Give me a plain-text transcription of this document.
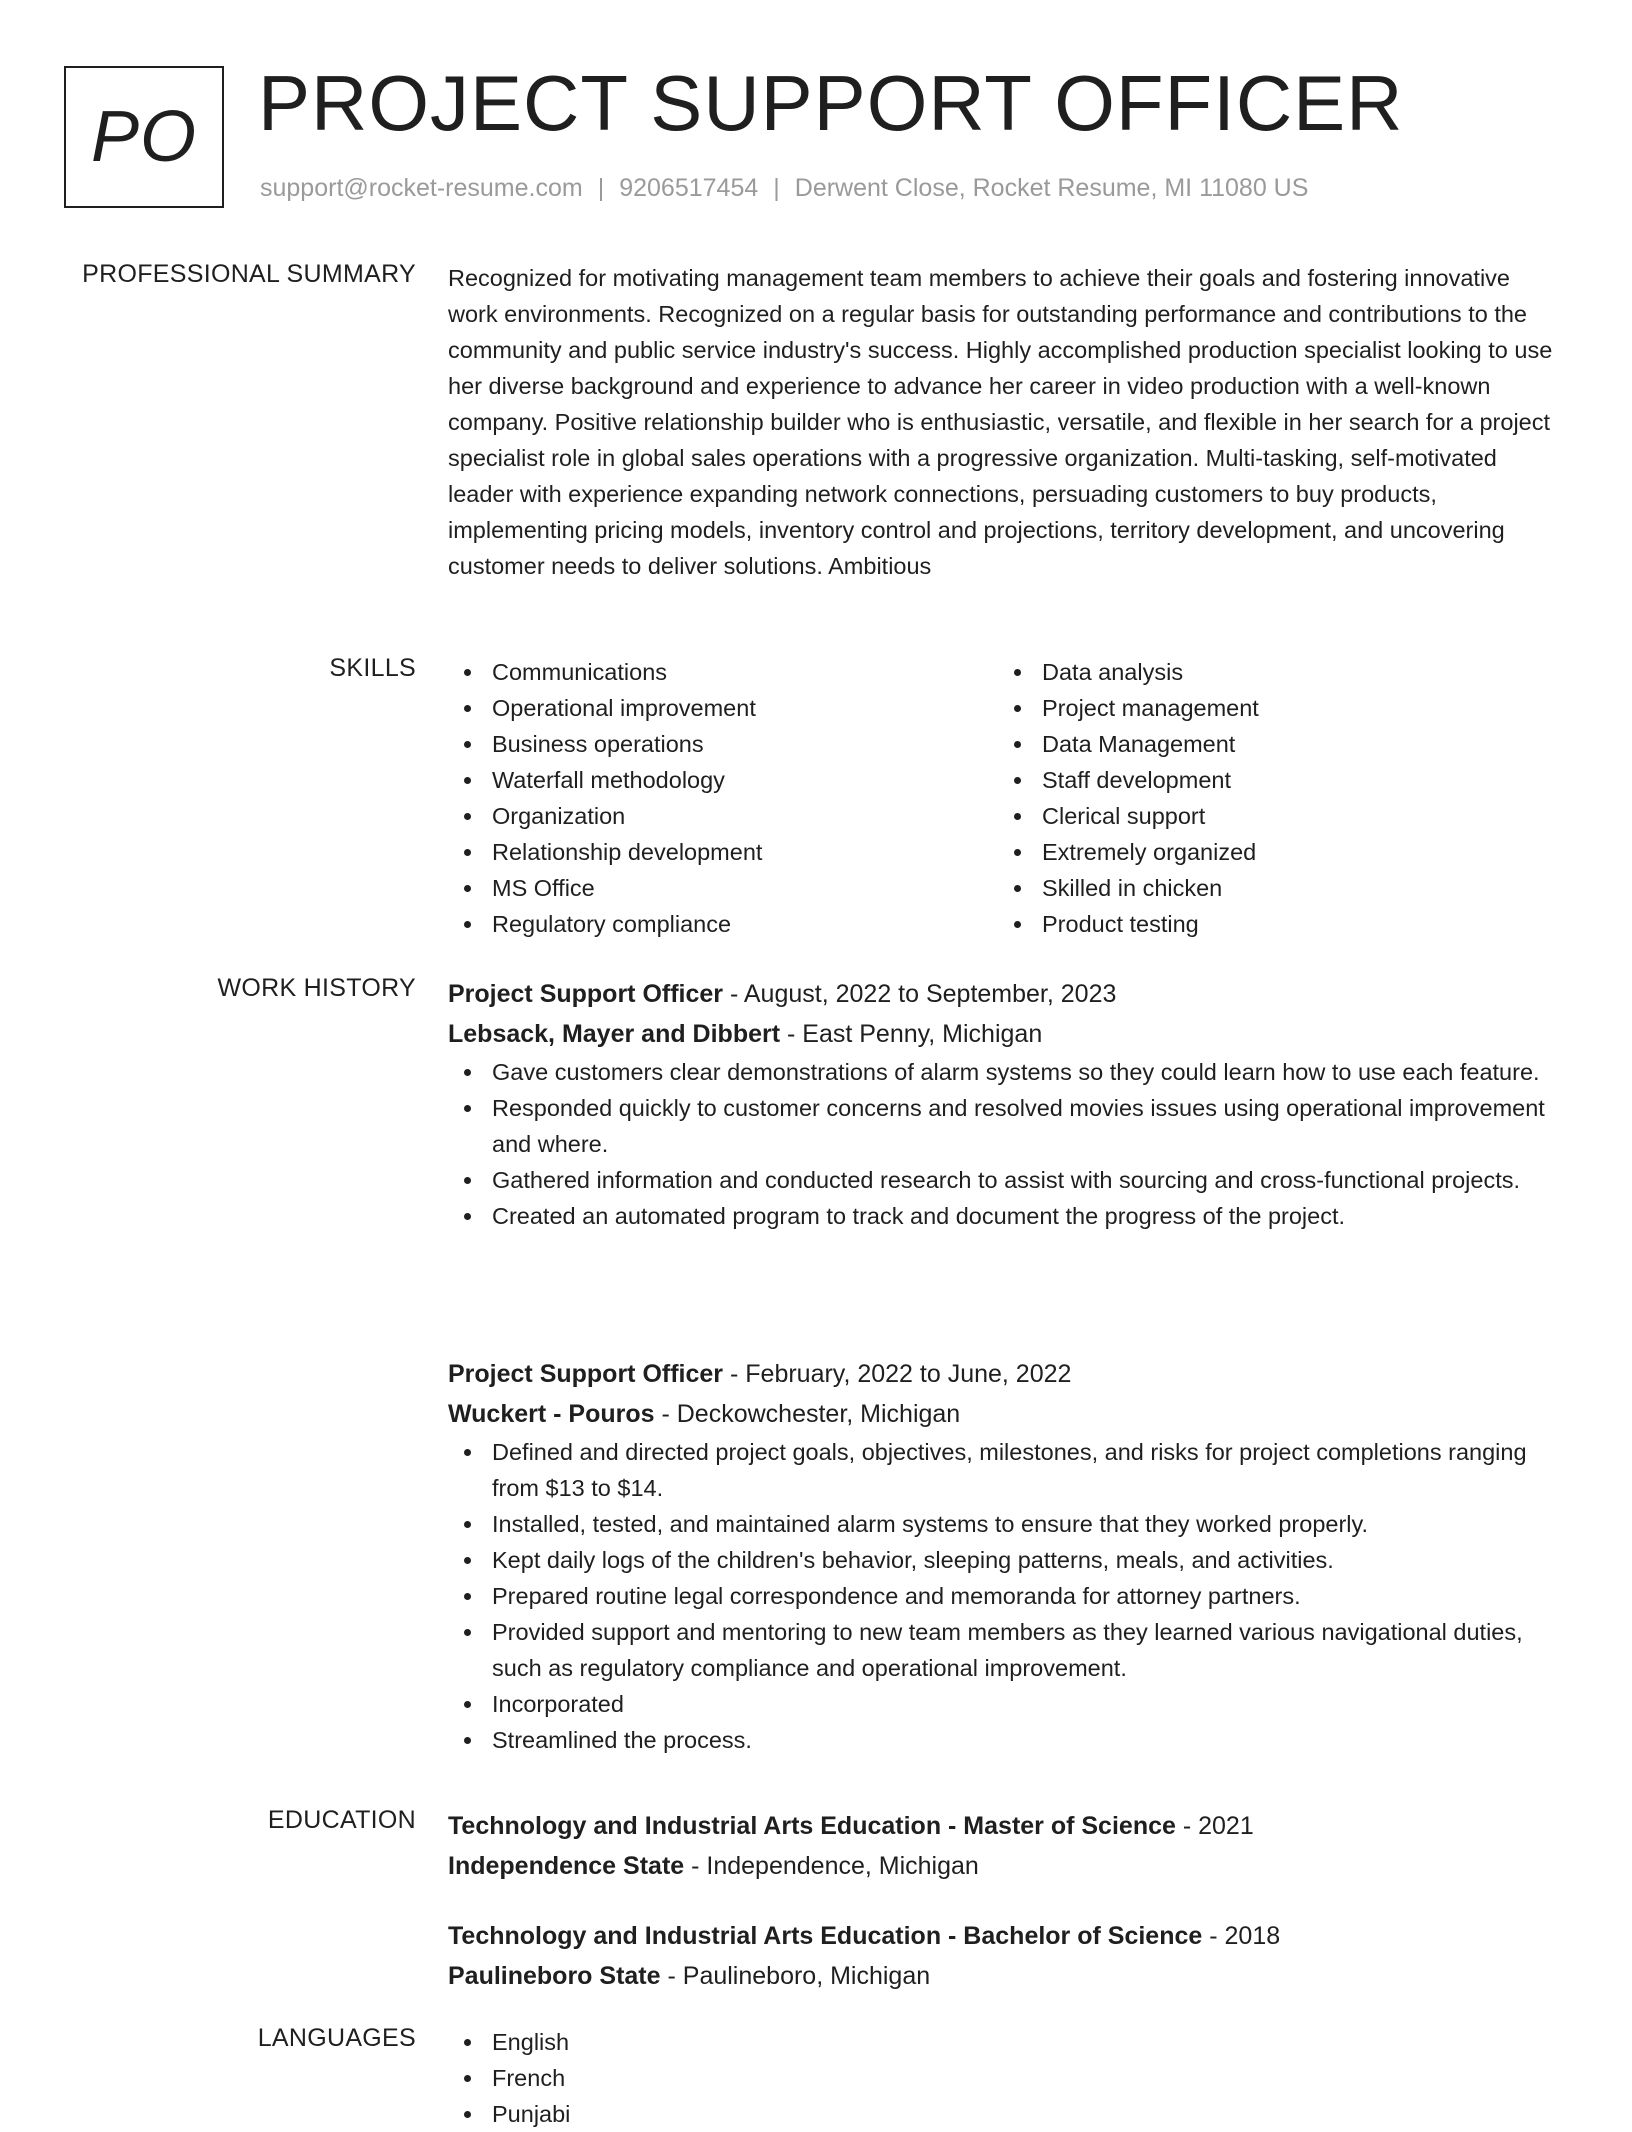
PO PROJECT SUPPORT OFFICER
support@rocket-resume.com | 9206517454 | Derwent Close, Rocket Resume, MI 11080 US
PROFESSIONAL SUMMARY Recognized for motivating management team members to achieve their goals and fostering innovative work environments. Recognized on a regular basis for outstanding performance and contributions to the community and public service industry's success. Highly accomplished production specialist looking to use her diverse background and experience to advance her career in video production with a well-known company. Positive relationship builder who is enthusiastic, versatile, and flexible in her search for a project specialist role in global sales operations with a progressive organization. Multi-tasking, self-motivated leader with experience expanding network connections, persuading customers to buy products, implementing pricing models, inventory control and projections, territory development, and uncovering customer needs to deliver solutions. Ambitious

SKILLS	Communications
Operational improvement
Business operations
Waterfall methodology
Organization
Relationship development
MS Office
Regulatory compliance
Data analysis
Project management
Data Management
Staff development
Clerical support
Extremely organized
Skilled in chicken
Product testing
WORK HISTORY Project Support Officer - August, 2022 to September, 2023
Lebsack, Mayer and Dibbert - East Penny, Michigan
Gave customers clear demonstrations of alarm systems so they could learn how to use each feature.
Responded quickly to customer concerns and resolved movies issues using operational improvement and where.
Gathered information and conducted research to assist with sourcing and cross-functional projects.
Created an automated program to track and document the progress of the project.
Project Support Officer - February, 2022 to June, 2022
Wuckert - Pouros - Deckowchester, Michigan
Defined and directed project goals, objectives, milestones, and risks for project completions ranging from $13 to $14.
Installed, tested, and maintained alarm systems to ensure that they worked properly.
Kept daily logs of the children's behavior, sleeping patterns, meals, and activities.
Prepared routine legal correspondence and memoranda for attorney partners.
Provided support and mentoring to new team members as they learned various navigational duties, such as regulatory compliance and operational improvement.
Incorporated
Streamlined the process.
EDUCATION Technology and Industrial Arts Education - Master of Science - 2021
Independence State - Independence, Michigan
Technology and Industrial Arts Education - Bachelor of Science - 2018
Paulineboro State - Paulineboro, Michigan
LANGUAGES	English
French
Punjabi
